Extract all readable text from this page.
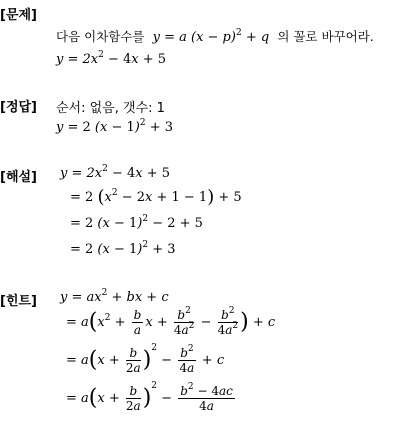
[문제]
다음 이차함수를  y = a $(x - p)^2 + q$  의 꼴로 바꾸어라.
$y = 2x^2 - 4x + 5$
[정답] 순서: 없음, 갯수: 1
y = 2 $(x - 1)^2 + 3$
[해설] $y = 2x^2 - 4x + 5$
= 2 $(x^2 - 2x + 1 - 1) + 5$
= 2 $(x - 1)^2 - 2 + 5$
= 2 $(x - 1)^2 + 3$
[힌트] $y = ax^2$ + bx + c
= $a(x^2 + \frac{b}{a}$ $x + \frac{b^2}{4a^2} - \frac{b^2}{4a^2}$ ) + c
= $a(x + \frac{b}{2a} )^2 - \frac{b^2}{4a} + c$
= $a(x + \frac{b}{2a} )^2 - \frac{b^2 - 4ac}{4a}$
